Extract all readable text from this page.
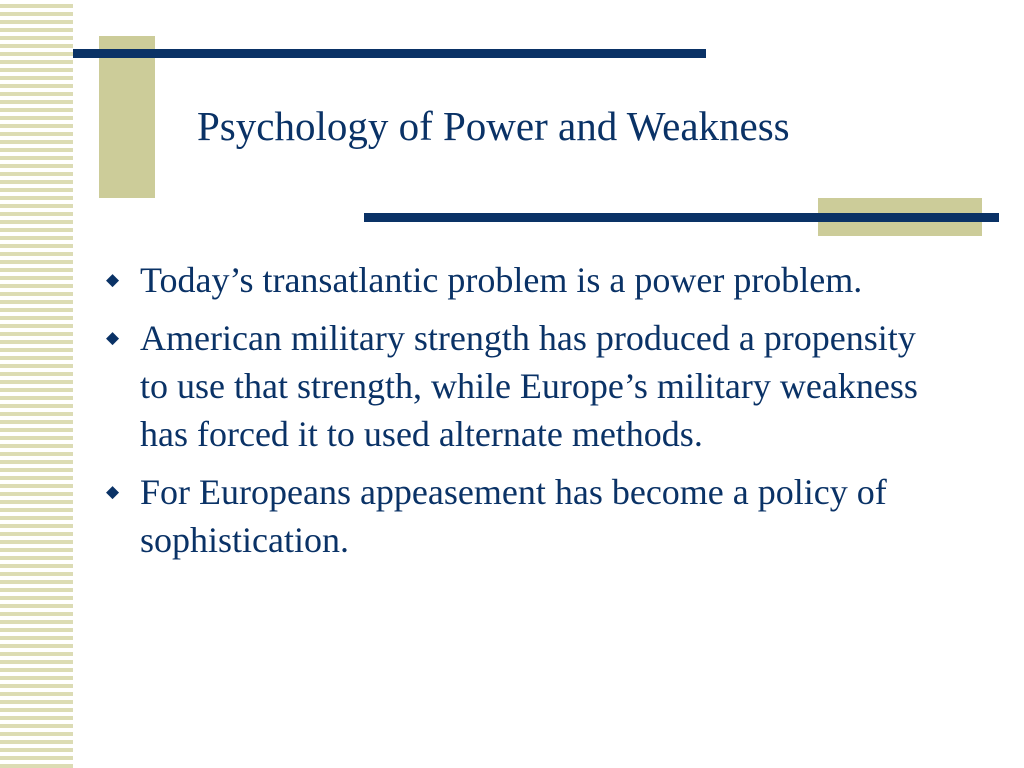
Psychology of Power and Weakness
◆ Today’s transatlantic problem is a power problem.
◆ American military strength has produced a propensity to use that strength, while Europe’s military weakness has forced it to used alternate methods.
◆ For Europeans appeasement has become a policy of sophistication.
